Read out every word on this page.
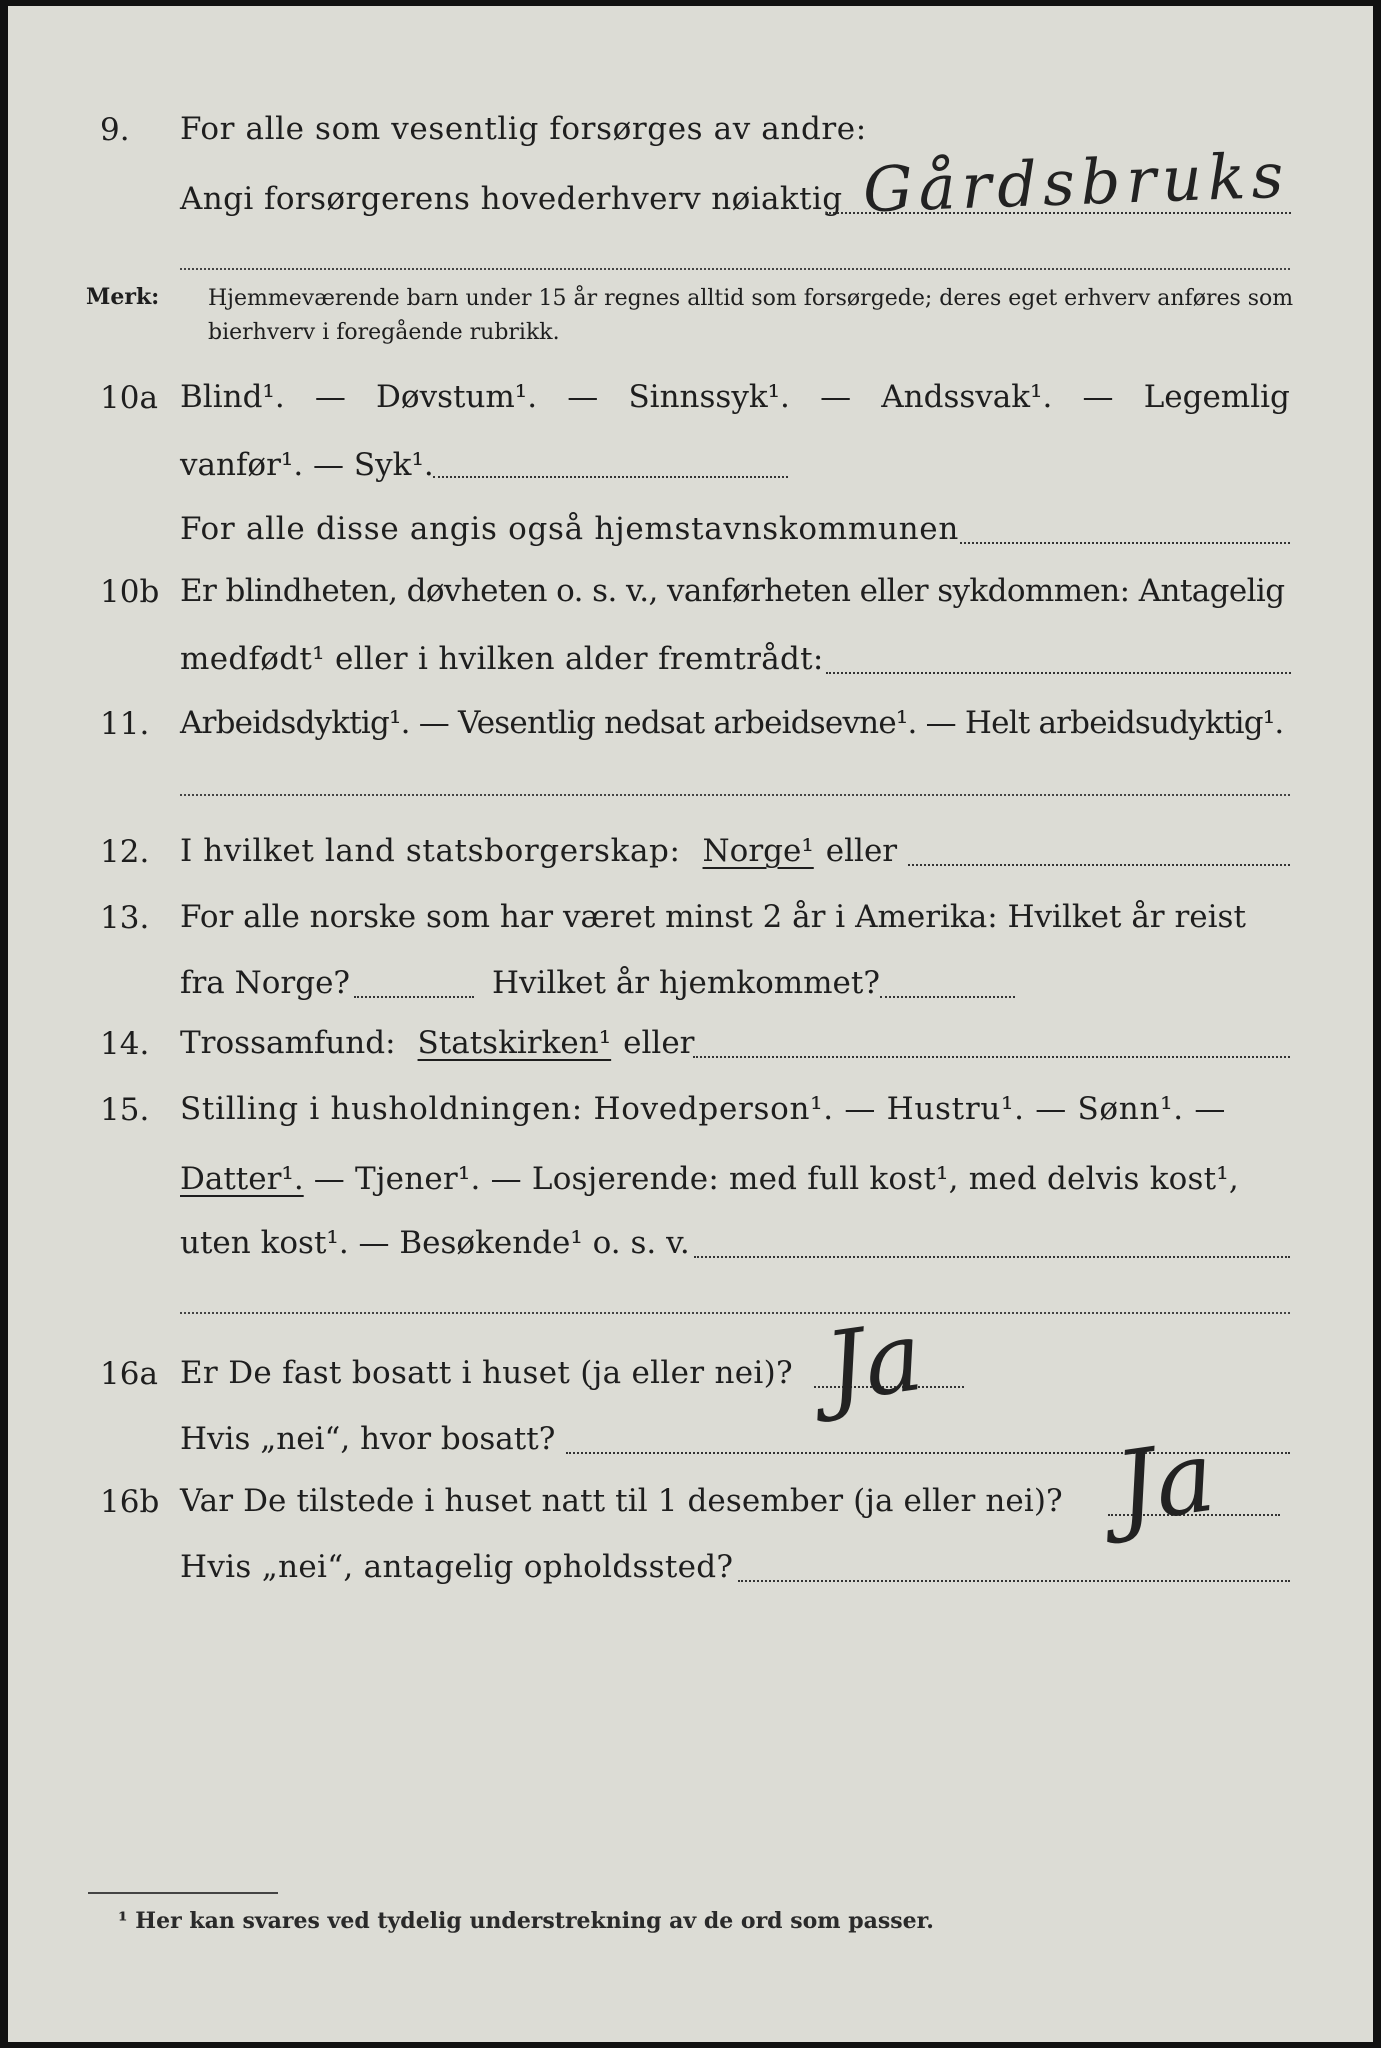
9. For alle som vesentlig forsørges av andre:
Angi forsørgerens hovederhverv nøiaktig Gårdsbruks
Merk: Hjemmeværende barn under 15 år regnes alltid som forsørgede; deres eget erhverv anføres som bierhverv i foregående rubrikk.
10a Blind¹. — Døvstum¹. — Sinnssyk¹. — Andssvak¹. — Legemlig
vanfør¹. — Syk¹.
For alle disse angis også hjemstavnskommunen
10b Er blindheten, døvheten o. s. v., vanførheten eller sykdommen: Antagelig
medfødt¹ eller i hvilken alder fremtrådt:
11. Arbeidsdyktig¹. — Vesentlig nedsat arbeidsevne¹. — Helt arbeidsudyktig¹.
12. I hvilket land statsborgerskap: Norge¹ eller
13. For alle norske som har været minst 2 år i Amerika: Hvilket år reist
fra Norge?	Hvilket år hjemkommet?
14. Trossamfund: Statskirken¹ eller
15. Stilling i husholdningen: Hovedperson¹. — Hustru¹. — Sønn¹. —
Datter¹. — Tjener¹. — Losjerende: med full kost¹, med delvis kost¹,
uten kost¹. — Besøkende¹ o. s. v.
16a Er De fast bosatt i huset (ja eller nei)? Ja
Hvis „nei“, hvor bosatt?
16b Var De tilstede i huset natt til 1 desember (ja eller nei)? Ja
Hvis „nei“, antagelig opholdssted?
¹ Her kan svares ved tydelig understrekning av de ord som passer.
